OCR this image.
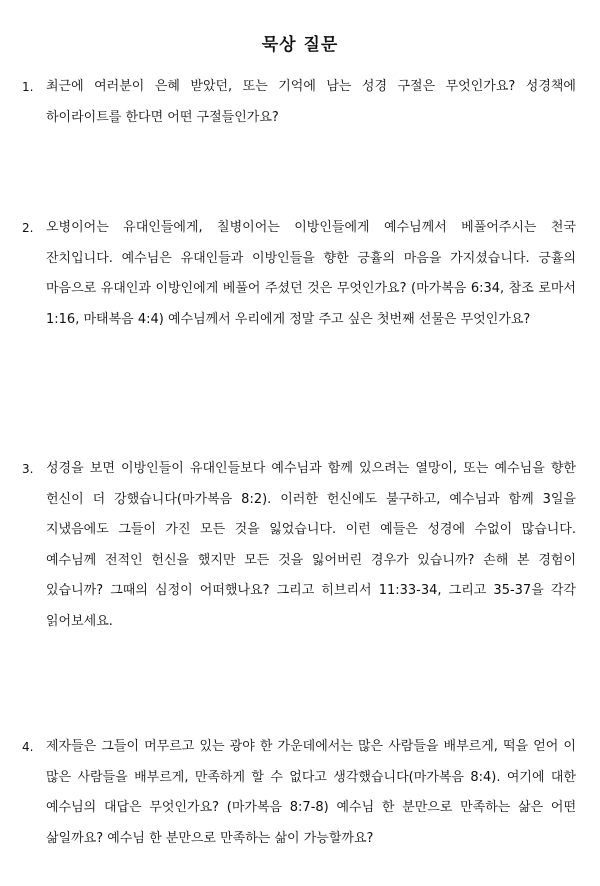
묵상 질문
1. 최근에 여러분이 은혜 받았던, 또는 기억에 남는 성경 구절은 무엇인가요? 성경책에 하이라이트를 한다면 어떤 구절들인가요?

2. 오병이어는 유대인들에게, 칠병이어는 이방인들에게 예수님께서 베풀어주시는 천국 잔치입니다. 예수님은 유대인들과 이방인들을 향한 긍휼의 마음을 가지셨습니다. 긍휼의 마음으로 유대인과 이방인에게 베풀어 주셨던 것은 무엇인가요? (마가복음 6:34, 참조 로마서 1:16, 마태복음 4:4) 예수님께서 우리에게 정말 주고 싶은 첫번째 선물은 무엇인가요?

3. 성경을 보면 이방인들이 유대인들보다 예수님과 함께 있으려는 열망이, 또는 예수님을 향한 헌신이 더 강했습니다(마가복음 8:2). 이러한 헌신에도 불구하고, 예수님과 함께 3일을 지냈음에도 그들이 가진 모든 것을 잃었습니다. 이런 예들은 성경에 수없이 많습니다. 예수님께 전적인 헌신을 했지만 모든 것을 잃어버린 경우가 있습니까? 손해 본 경험이 있습니까? 그때의 심정이 어떠했나요? 그리고 히브리서 11:33-34, 그리고 35-37을 각각 읽어보세요.

4. 제자들은 그들이 머무르고 있는 광야 한 가운데에서는 많은 사람들을 배부르게, 떡을 얻어 이 많은 사람들을 배부르게, 만족하게 할 수 없다고 생각했습니다(마가복음 8:4). 여기에 대한 예수님의 대답은 무엇인가요? (마가복음 8:7-8) 예수님 한 분만으로 만족하는 삶은 어떤 삶일까요? 예수님 한 분만으로 만족하는 삶이 가능할까요?
